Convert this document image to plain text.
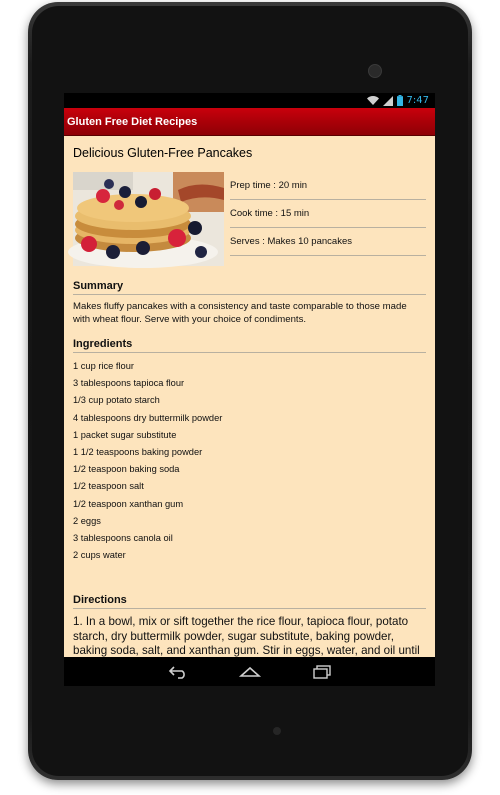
7:47
Gluten Free Diet Recipes
Delicious Gluten-Free Pancakes
Prep time : 20 min
Cook time : 15 min
Serves : Makes 10 pancakes
Summary
Makes fluffy pancakes with a consistency and taste comparable to those made with wheat flour. Serve with your choice of condiments.
Ingredients
1 cup rice flour
3 tablespoons tapioca flour
1/3 cup potato starch
4 tablespoons dry buttermilk powder
1 packet sugar substitute
1 1/2 teaspoons baking powder
1/2 teaspoon baking soda
1/2 teaspoon salt
1/2 teaspoon xanthan gum
2 eggs
3 tablespoons canola oil
2 cups water
Directions
1. In a bowl, mix or sift together the rice flour, tapioca flour, potato starch, dry buttermilk powder, sugar substitute, baking powder, baking soda, salt, and xanthan gum. Stir in eggs, water, and oil until
